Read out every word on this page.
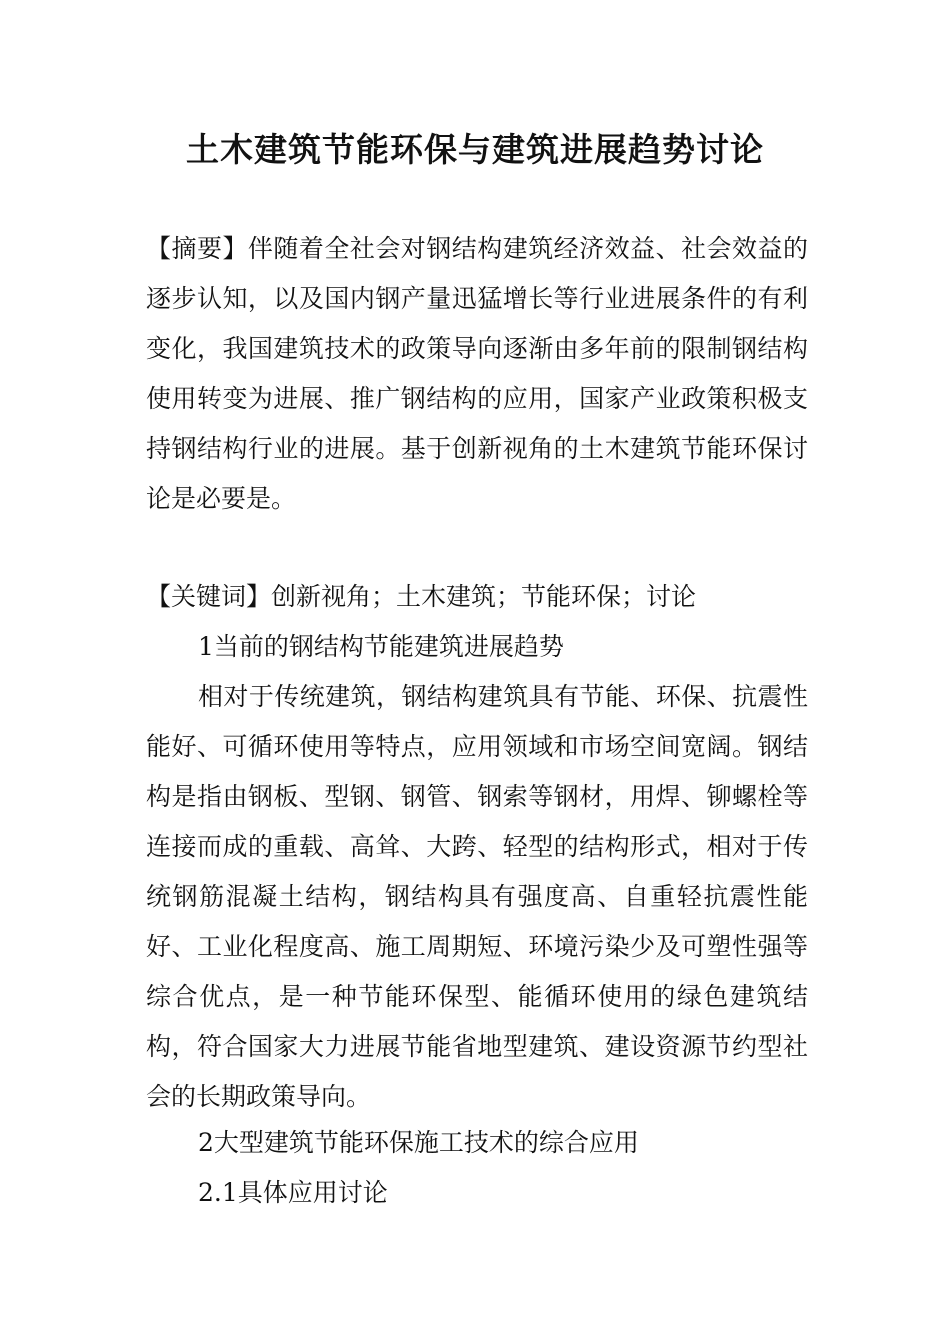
土木建筑节能环保与建筑进展趋势讨论

【摘要】伴随着全社会对钢结构建筑经济效益、社会效益的逐步认知，以及国内钢产量迅猛增长等行业进展条件的有利变化，我国建筑技术的政策导向逐渐由多年前的限制钢结构使用转变为进展、推广钢结构的应用，国家产业政策积极支持钢结构行业的进展。基于创新视角的土木建筑节能环保讨论是必要是。

【关键词】创新视角；土木建筑；节能环保；讨论

1当前的钢结构节能建筑进展趋势

相对于传统建筑，钢结构建筑具有节能、环保、抗震性能好、可循环使用等特点，应用领域和市场空间宽阔。钢结构是指由钢板、型钢、钢管、钢索等钢材，用焊、铆螺栓等连接而成的重载、高耸、大跨、轻型的结构形式，相对于传统钢筋混凝土结构，钢结构具有强度高、自重轻抗震性能好、工业化程度高、施工周期短、环境污染少及可塑性强等综合优点，是一种节能环保型、能循环使用的绿色建筑结构，符合国家大力进展节能省地型建筑、建设资源节约型社会的长期政策导向。

2大型建筑节能环保施工技术的综合应用

2.1具体应用讨论
